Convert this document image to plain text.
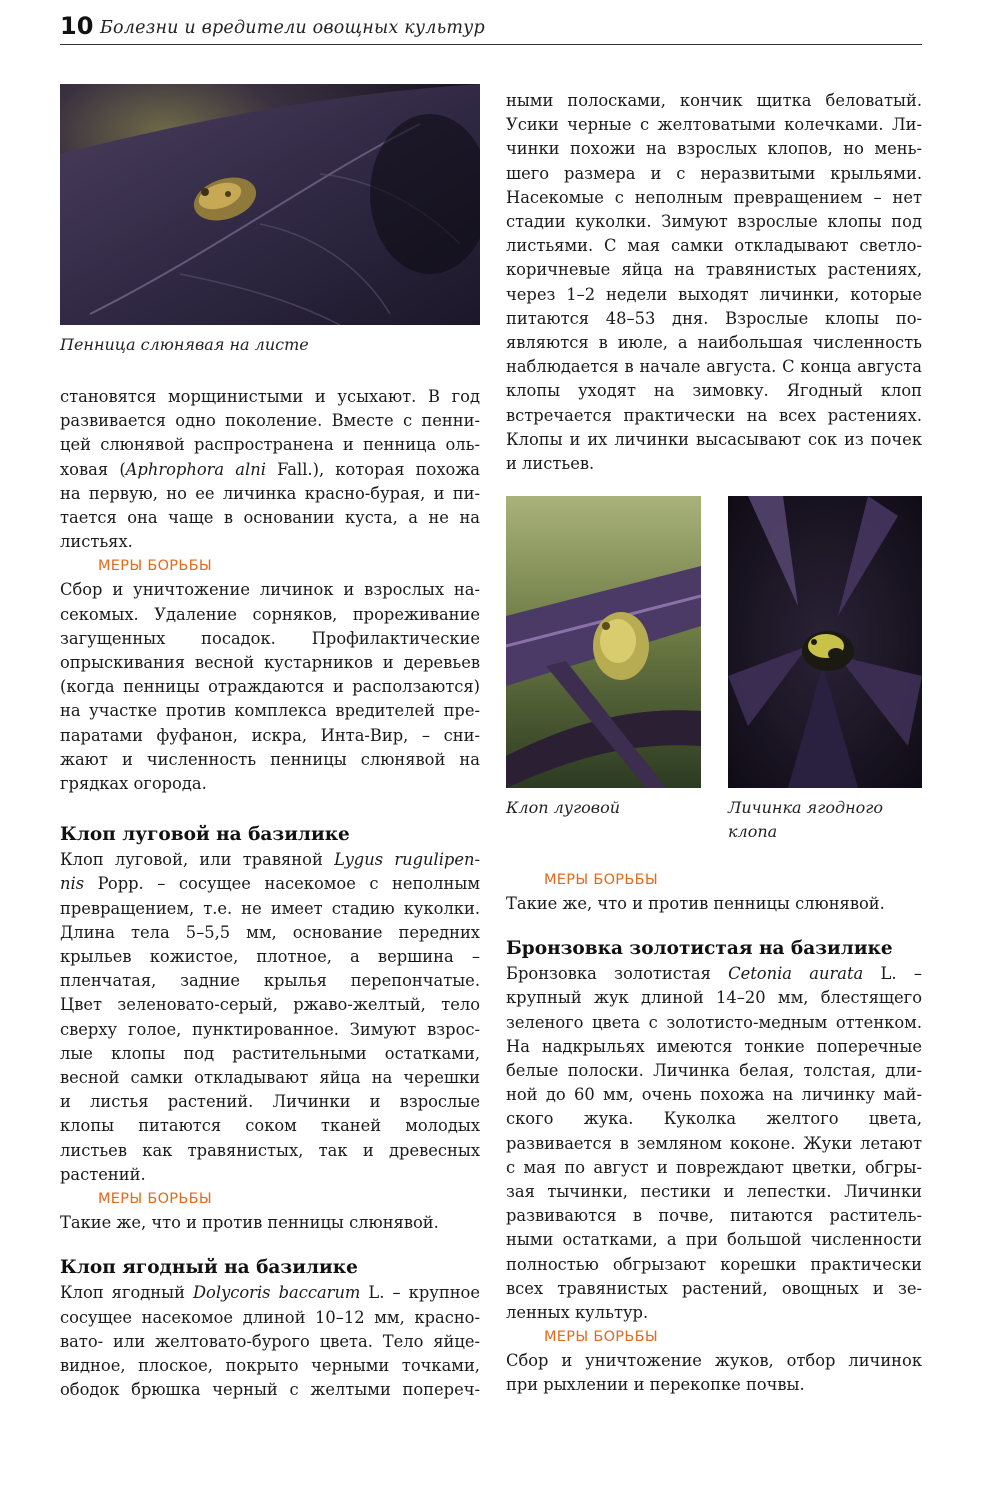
10 Болезни и вредители овощных культур
Пенница слюнявая на листе
Клоп луговой	Личинка ягодного
клопа

становятся морщинистыми и усыхают. В год
развивается одно поколение. Вместе с пенни-
цей слюнявой распространена и пенница оль-
ховая (Aphrophora alni Fall.), которая похожа
на первую, но ее личинка красно-бурая, и пи-
тается она чаще в основании куста, а не на
листьях.

МЕРЫ БОРЬБЫ

Сбор и уничтожение личинок и взрослых на-
секомых. Удаление сорняков, прореживание
загущенных посадок. Профилактические
опрыскивания весной кустарников и деревьев
(когда пенницы отраждаются и расползаются)
на участке против комплекса вредителей пре-
паратами фуфанон, искра, Инта-Вир, – сни-
жают и численность пенницы слюнявой на
грядках огорода.

Клоп луговой на базилике

Клоп луговой, или травяной Lygus rugulipen-
nis Popp. – сосущее насекомое с неполным
превращением, т.е. не имеет стадию куколки.
Длина тела 5–5,5 мм, основание передних
крыльев кожистое, плотное, а вершина –
пленчатая, задние крылья перепончатые.
Цвет зеленовато-серый, ржаво-желтый, тело
сверху голое, пунктированное. Зимуют взрос-
лые клопы под растительными остатками,
весной самки откладывают яйца на черешки
и листья растений. Личинки и взрослые
клопы питаются соком тканей молодых
листьев как травянистых, так и древесных
растений.

МЕРЫ БОРЬБЫ

Такие же, что и против пенницы слюнявой.

Клоп ягодный на базилике

Клоп ягодный Dolycoris baccarum L. – крупное
сосущее насекомое длиной 10–12 мм, красно-
вато- или желтовато-бурого цвета. Тело яйце-
видное, плоское, покрыто черными точками,
ободок брюшка черный с желтыми попереч-

ными полосками, кончик щитка беловатый.
Усики черные с желтоватыми колечками. Ли-
чинки похожи на взрослых клопов, но мень-
шего размера и с неразвитыми крыльями.
Насекомые с неполным превращением – нет
стадии куколки. Зимуют взрослые клопы под
листьями. С мая самки откладывают светло-
коричневые яйца на травянистых растениях,
через 1–2 недели выходят личинки, которые
питаются 48–53 дня. Взрослые клопы по-
являются в июле, а наибольшая численность
наблюдается в начале августа. С конца августа
клопы уходят на зимовку. Ягодный клоп
встречается практически на всех растениях.
Клопы и их личинки высасывают сок из почек
и листьев.

МЕРЫ БОРЬБЫ

Такие же, что и против пенницы слюнявой.

Бронзовка золотистая на базилике

Бронзовка золотистая Cetonia aurata L. –
крупный жук длиной 14–20 мм, блестящего
зеленого цвета с золотисто-медным оттенком.
На надкрыльях имеются тонкие поперечные
белые полоски. Личинка белая, толстая, дли-
ной до 60 мм, очень похожа на личинку май-
ского жука. Куколка желтого цвета,
развивается в земляном коконе. Жуки летают
с мая по август и повреждают цветки, обгры-
зая тычинки, пестики и лепестки. Личинки
развиваются в почве, питаются раститель-
ными остатками, а при большой численности
полностью обгрызают корешки практически
всех травянистых растений, овощных и зе-
ленных культур.

МЕРЫ БОРЬБЫ

Сбор и уничтожение жуков, отбор личинок
при рыхлении и перекопке почвы.
